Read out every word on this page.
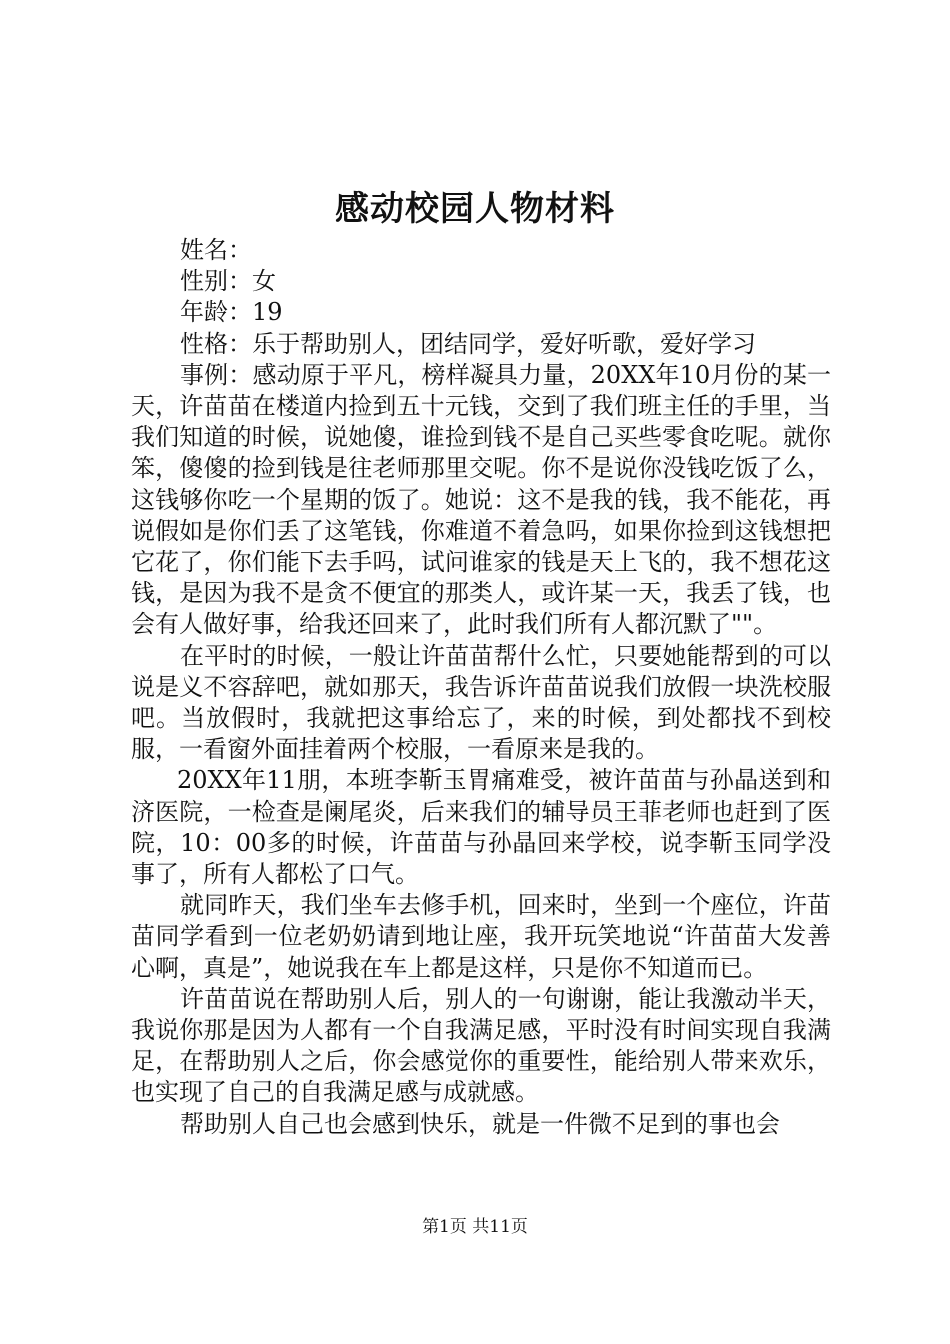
感动校园人物材料

姓名：

性别：女

年龄：19

性格：乐于帮助别人，团结同学，爱好听歌，爱好学习

事例：感动原于平凡，榜样凝具力量，20XX年10月份的某一天，许苗苗在楼道内捡到五十元钱，交到了我们班主任的手里，当我们知道的时候，说她傻，谁捡到钱不是自己买些零食吃呢。就你笨，傻傻的捡到钱是往老师那里交呢。你不是说你没钱吃饭了么，这钱够你吃一个星期的饭了。她说：这不是我的钱，我不能花，再说假如是你们丢了这笔钱，你难道不着急吗，如果你捡到这钱想把它花了，你们能下去手吗，试问谁家的钱是天上飞的，我不想花这钱，是因为我不是贪不便宜的那类人，或许某一天，我丢了钱，也会有人做好事，给我还回来了，此时我们所有人都沉默了""。

在平时的时候，一般让许苗苗帮什么忙，只要她能帮到的可以说是义不容辞吧，就如那天，我告诉许苗苗说我们放假一块洗校服吧。当放假时，我就把这事给忘了，来的时候，到处都找不到校服，一看窗外面挂着两个校服，一看原来是我的。

20XX年11朋，本班李靳玉胃痛难受，被许苗苗与孙晶送到和济医院，一检查是阑尾炎，后来我们的辅导员王菲老师也赶到了医院，10：00多的时候，许苗苗与孙晶回来学校，说李靳玉同学没事了，所有人都松了口气。

就同昨天，我们坐车去修手机，回来时，坐到一个座位，许苗苗同学看到一位老奶奶请到地让座，我开玩笑地说“许苗苗大发善心啊，真是”，她说我在车上都是这样，只是你不知道而已。

许苗苗说在帮助别人后，别人的一句谢谢，能让我激动半天，我说你那是因为人都有一个自我满足感，平时没有时间实现自我满足，在帮助别人之后，你会感觉你的重要性，能给别人带来欢乐，也实现了自己的自我满足感与成就感。

帮助别人自己也会感到快乐，就是一件微不足到的事也会

第1页 共11页
